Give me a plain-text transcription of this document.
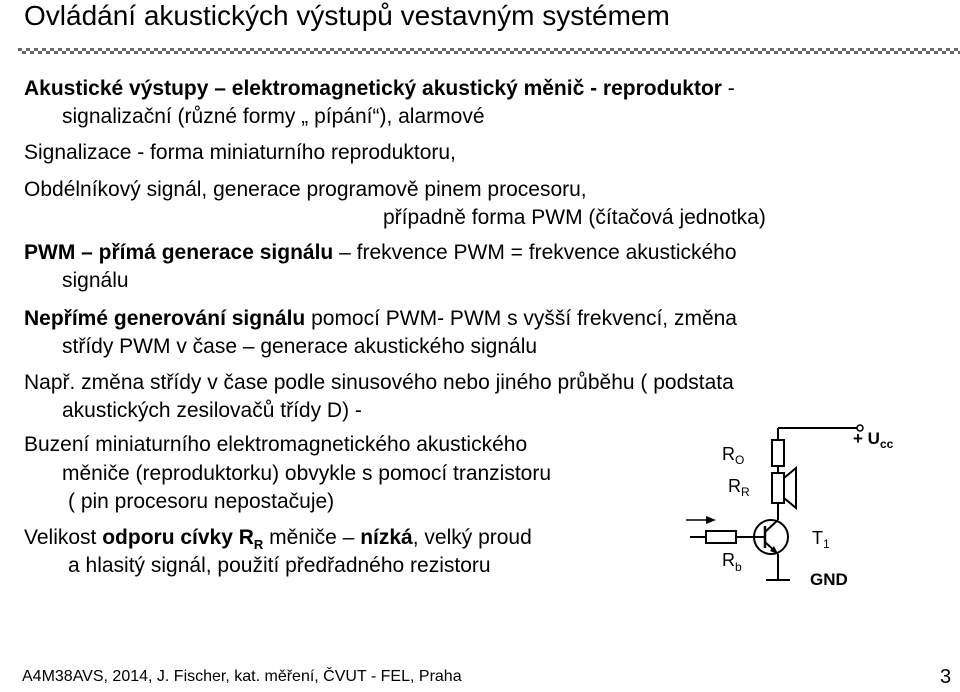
Ovládání akustických výstupů vestavným systémem
Akustické výstupy – elektromagnetický akustický měnič - reproduktor -
signalizační (různé formy „ pípání“), alarmové
Signalizace - forma miniaturního reproduktoru,
Obdélníkový signál, generace programově pinem procesoru,
případně forma PWM (čítačová jednotka)
PWM – přímá generace signálu – frekvence PWM = frekvence akustického
signálu
Nepřímé generování signálu pomocí PWM- PWM s vyšší frekvencí, změna
střídy PWM v čase – generace akustického signálu
Např. změna střídy v čase podle sinusového nebo jiného průběhu ( podstata
akustických zesilovačů třídy D) -
Buzení miniaturního elektromagnetického akustického
měniče (reproduktorku) obvykle s pomocí tranzistoru
( pin procesoru nepostačuje)
Velikost odporu cívky $R_R$ měniče – nízká, velký proud
a hlasitý signál, použití předřadného rezistoru
$R_O$
$R_R$
$R_b$
$T_1$
+ $U_{cc}$
GND
A4M38AVS, 2014, J. Fischer, kat. měření, ČVUT - FEL, Praha	3
